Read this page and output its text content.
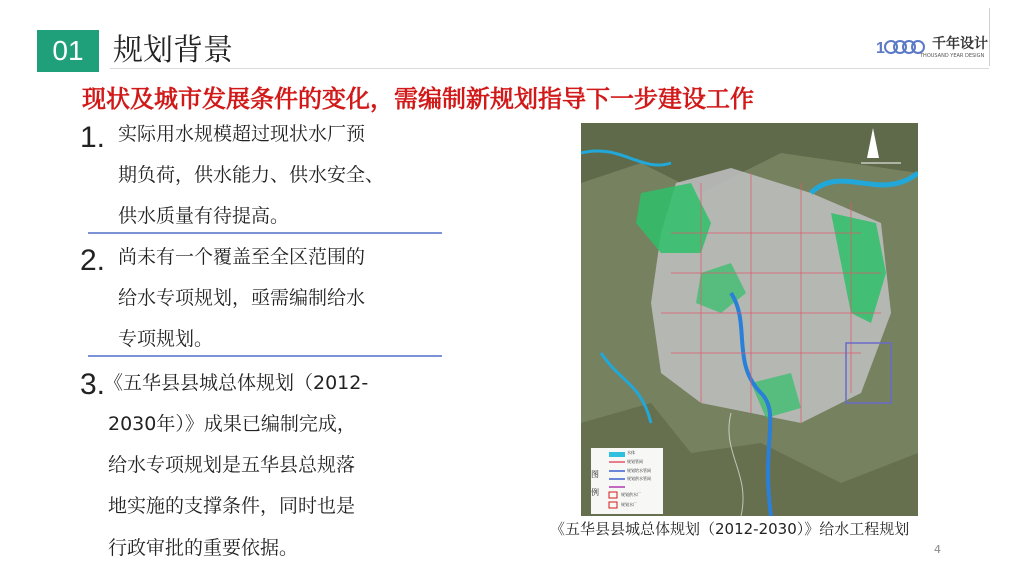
01 规划背景	1	千年设计
THOUSAND YEAR DESIGN
现状及城市发展条件的变化，需编制新规划指导下一步建设工作
1. 实际用水规模超过现状水厂预
期负荷，供水能力、供水安全、
供水质量有待提高。
2. 尚未有一个覆盖至全区范围的
给水专项规划，亟需编制给水
专项规划。
3.
《五华县县城总体规划（2012-
2030年）》成果已编制完成，
给水专项规划是五华县总规落
地实施的支撑条件，同时也是
行政审批的重要依据。
图 例
水体
规划管网
规划给水管网
规划供水管网
规划供水厂
规划水厂
《五华县县城总体规划（2012-2030）》给水工程规划
4
